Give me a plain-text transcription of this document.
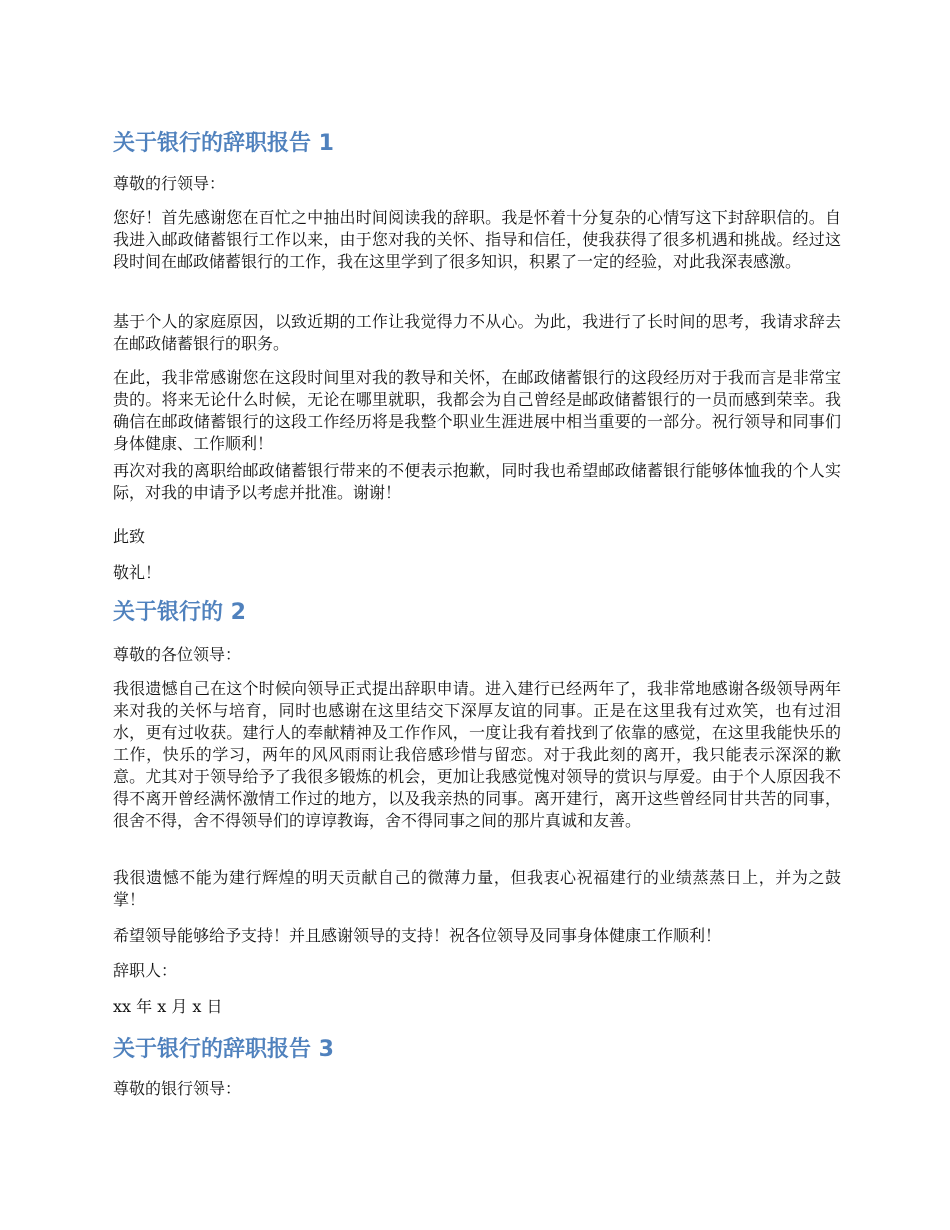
关于银行的辞职报告 1

尊敬的行领导：

您好！首先感谢您在百忙之中抽出时间阅读我的辞职。我是怀着十分复杂的心情写这下封辞职信的。自我进入邮政储蓄银行工作以来，由于您对我的关怀、指导和信任，使我获得了很多机遇和挑战。经过这段时间在邮政储蓄银行的工作，我在这里学到了很多知识，积累了一定的经验，对此我深表感激。

基于个人的家庭原因，以致近期的工作让我觉得力不从心。为此，我进行了长时间的思考，我请求辞去在邮政储蓄银行的职务。

在此，我非常感谢您在这段时间里对我的教导和关怀，在邮政储蓄银行的这段经历对于我而言是非常宝贵的。将来无论什么时候，无论在哪里就职，我都会为自己曾经是邮政储蓄银行的一员而感到荣幸。我确信在邮政储蓄银行的这段工作经历将是我整个职业生涯进展中相当重要的一部分。祝行领导和同事们身体健康、工作顺利！

再次对我的离职给邮政储蓄银行带来的不便表示抱歉，同时我也希望邮政储蓄银行能够体恤我的个人实际，对我的申请予以考虑并批准。谢谢！

此致

敬礼！

关于银行的 2

尊敬的各位领导：

我很遗憾自己在这个时候向领导正式提出辞职申请。进入建行已经两年了，我非常地感谢各级领导两年来对我的关怀与培育，同时也感谢在这里结交下深厚友谊的同事。正是在这里我有过欢笑，也有过泪水，更有过收获。建行人的奉献精神及工作作风，一度让我有着找到了依靠的感觉，在这里我能快乐的工作，快乐的学习，两年的风风雨雨让我倍感珍惜与留恋。对于我此刻的离开，我只能表示深深的歉意。尤其对于领导给予了我很多锻炼的机会，更加让我感觉愧对领导的赏识与厚爱。由于个人原因我不得不离开曾经满怀激情工作过的地方，以及我亲热的同事。离开建行，离开这些曾经同甘共苦的同事，很舍不得，舍不得领导们的谆谆教诲，舍不得同事之间的那片真诚和友善。

我很遗憾不能为建行辉煌的明天贡献自己的微薄力量，但我衷心祝福建行的业绩蒸蒸日上，并为之鼓掌！

希望领导能够给予支持！并且感谢领导的支持！祝各位领导及同事身体健康工作顺利！

辞职人：

xx 年 x 月 x 日

关于银行的辞职报告 3

尊敬的银行领导：
